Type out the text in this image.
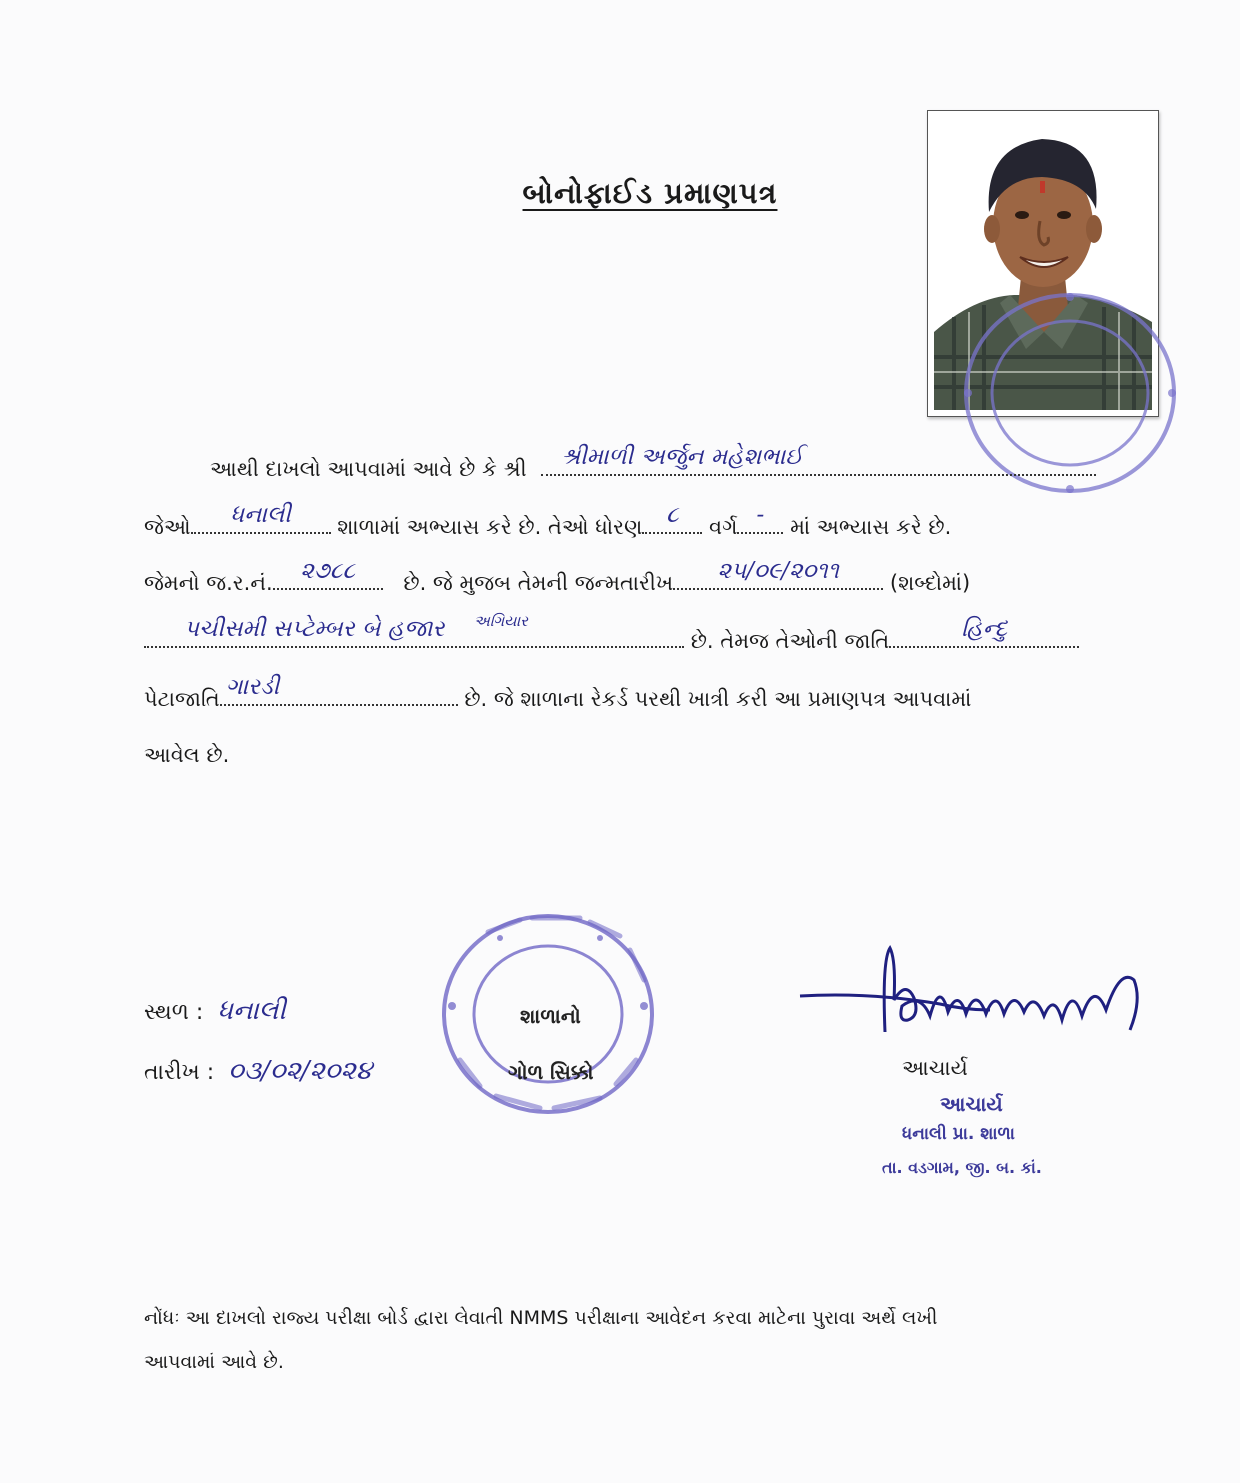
બોનોફાઈડ પ્રમાણપત્ર
આથી દાખલો આપવામાં આવે છે કે શ્રી	શ્રીમાળી અર્જુન મહેશભાઈ
જેઓ	ધનાલી	શાળામાં અભ્યાસ કરે છે. તેઓ ધોરણ	૮	વર્ગ -	માં અભ્યાસ કરે છે.
જેમનો જ.ર.નં.	૨૭૮૮	છે. જે મુજબ તેમની જન્મતારીખ	૨૫/૦૯/૨૦૧૧	(શબ્દોમાં)
પચીસમી સપ્ટેમ્બર બે હજાર	અગિયાર
છે. તેમજ તેઓની જાતિ	હિન્દુ
પેટાજાતિ ગારડી	છે. જે શાળાના રેકર્ડ પરથી ખાત્રી કરી આ પ્રમાણપત્ર આપવામાં
આવેલ છે.
સ્થળ : ધનાલી
તારીખ : ૦૩/૦૨/૨૦૨૪
શાળાનો
ગોળ સિક્કો	આચાર્ય
આચાર્ય
ધનાલી પ્રા. શાળા
તા. વડગામ, જી. બ. કાં.
નોંધઃ આ દાખલો રાજ્ય પરીક્ષા બોર્ડ દ્વારા લેવાતી NMMS પરીક્ષાના આવેદન કરવા માટેના પુરાવા અર્થે લખી
આપવામાં આવે છે.
